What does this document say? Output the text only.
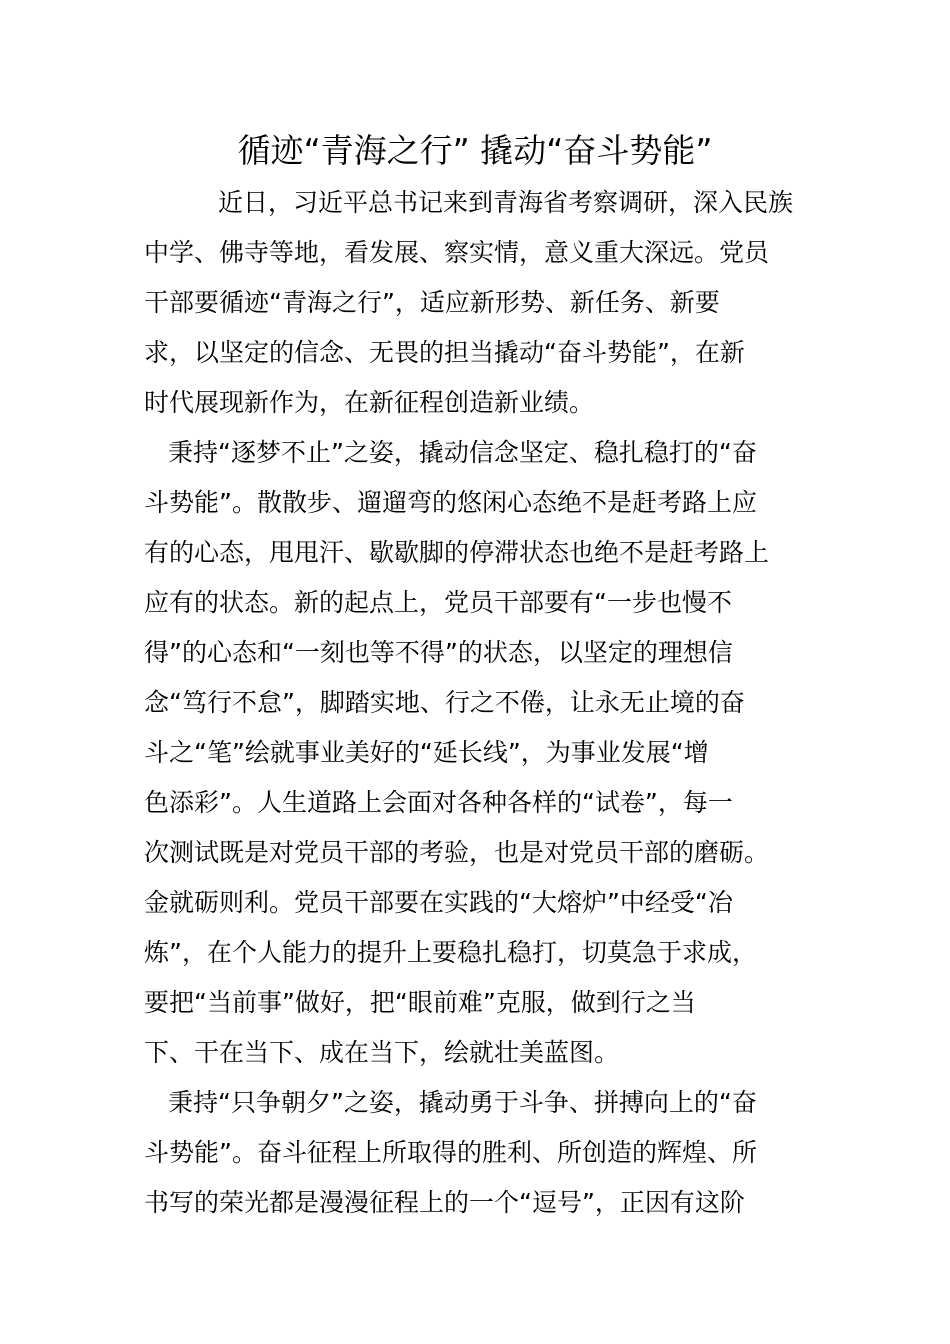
循迹“青海之行” 撬动“奋斗势能”
近日，习近平总书记来到青海省考察调研，深入民族
中学、佛寺等地，看发展、察实情，意义重大深远。党员
干部要循迹“青海之行”，适应新形势、新任务、新要
求，以坚定的信念、无畏的担当撬动“奋斗势能”，在新
时代展现新作为，在新征程创造新业绩。
秉持“逐梦不止”之姿，撬动信念坚定、稳扎稳打的“奋
斗势能”。散散步、遛遛弯的悠闲心态绝不是赶考路上应
有的心态，甩甩汗、歇歇脚的停滞状态也绝不是赶考路上
应有的状态。新的起点上，党员干部要有“一步也慢不
得”的心态和“一刻也等不得”的状态，以坚定的理想信
念“笃行不怠”，脚踏实地、行之不倦，让永无止境的奋
斗之“笔”绘就事业美好的“延长线”，为事业发展“增
色添彩”。人生道路上会面对各种各样的“试卷”，每一
次测试既是对党员干部的考验，也是对党员干部的磨砺。
金就砺则利。党员干部要在实践的“大熔炉”中经受“冶
炼”，在个人能力的提升上要稳扎稳打，切莫急于求成，
要把“当前事”做好，把“眼前难”克服，做到行之当
下、干在当下、成在当下，绘就壮美蓝图。
秉持“只争朝夕”之姿，撬动勇于斗争、拼搏向上的“奋
斗势能”。奋斗征程上所取得的胜利、所创造的辉煌、所
书写的荣光都是漫漫征程上的一个“逗号”，正因有这阶
